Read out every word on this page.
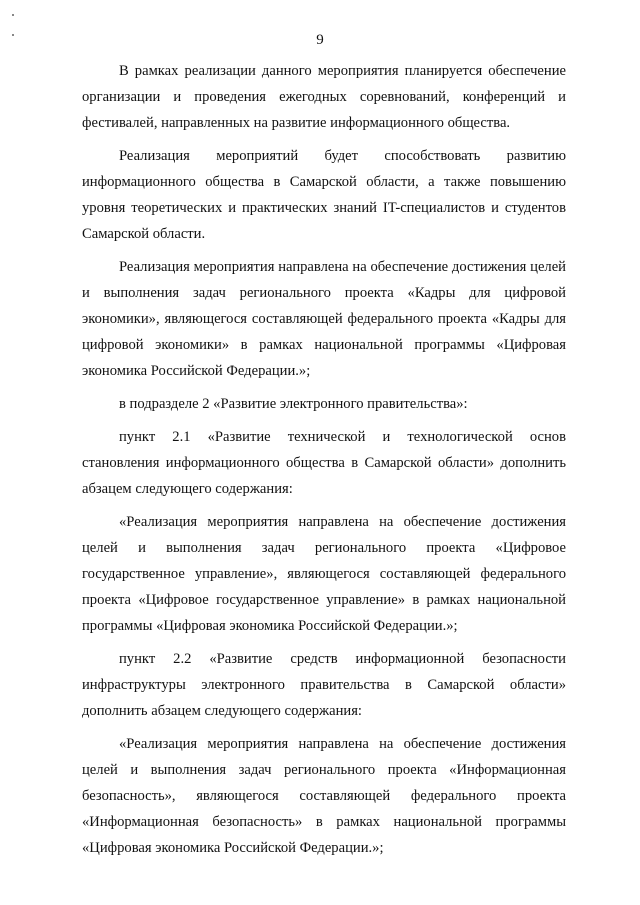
9

В рамках реализации данного мероприятия планируется обеспечение организации и проведения ежегодных соревнований, конференций и фестивалей, направленных на развитие информационного общества.

Реализация мероприятий будет способствовать развитию информационного общества в Самарской области, а также повышению уровня теоретических и практических знаний IT-специалистов и студентов Самарской области.

Реализация мероприятия направлена на обеспечение достижения целей и выполнения задач регионального проекта «Кадры для цифровой экономики», являющегося составляющей федерального проекта «Кадры для цифровой экономики» в рамках национальной программы «Цифровая экономика Российской Федерации.»;

в подразделе 2 «Развитие электронного правительства»:

пункт 2.1 «Развитие технической и технологической основ становления информационного общества в Самарской области» дополнить абзацем следующего содержания:

«Реализация мероприятия направлена на обеспечение достижения целей и выполнения задач регионального проекта «Цифровое государственное управление», являющегося составляющей федерального проекта «Цифровое государственное управление» в рамках национальной программы «Цифровая экономика Российской Федерации.»;

пункт 2.2 «Развитие средств информационной безопасности инфраструктуры электронного правительства в Самарской области» дополнить абзацем следующего содержания:

«Реализация мероприятия направлена на обеспечение достижения целей и выполнения задач регионального проекта «Информационная безопасность», являющегося составляющей федерального проекта «Информационная безопасность» в рамках национальной программы «Цифровая экономика Российской Федерации.»;
